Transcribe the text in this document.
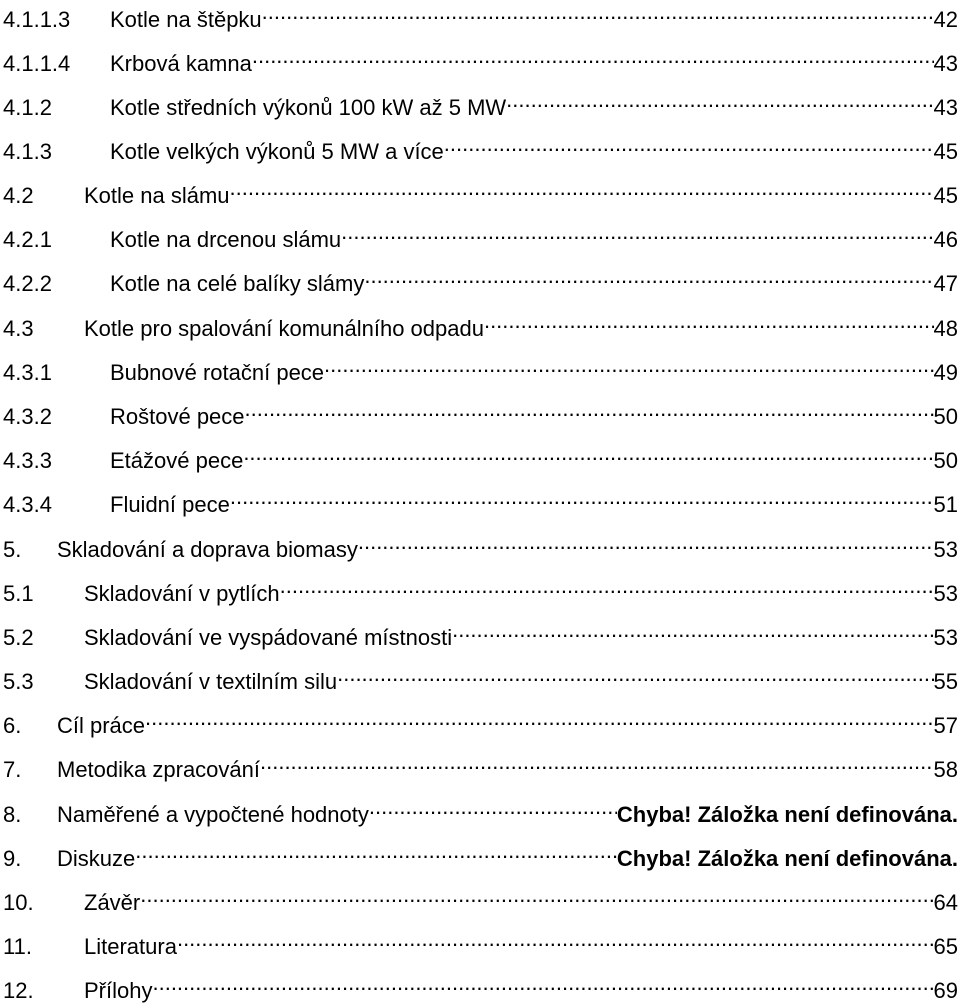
4.1.1.3	Kotle na štěpku .....	42
4.1.1.4	Krbová kamna .....	43
4.1.2	Kotle středních výkonů 100 kW až 5 MW .....	43
4.1.3	Kotle velkých výkonů 5 MW a více .....	45
4.2	Kotle na slámu .....	45
4.2.1	Kotle na drcenou slámu .....	46
4.2.2	Kotle na celé balíky slámy .....	47
4.3	Kotle pro spalování komunálního odpadu .....	48
4.3.1	Bubnové rotační pece .....	49
4.3.2	Roštové pece .....	50
4.3.3	Etážové pece .....	50
4.3.4	Fluidní pece .....	51
5.	Skladování a doprava biomasy .....	53
5.1	Skladování v pytlích .....	53
5.2	Skladování ve vyspádované místnosti .....	53
5.3	Skladování v textilním silu .....	55
6.	Cíl práce .....	57
7.	Metodika zpracování .....	58
8.	Naměřené a vypočtené hodnoty .....	Chyba! Záložka není definována.
9.	Diskuze .....	Chyba! Záložka není definována.
10.	Závěr .....	64
11.	Literatura .....	65
12.	Přílohy .....	69
